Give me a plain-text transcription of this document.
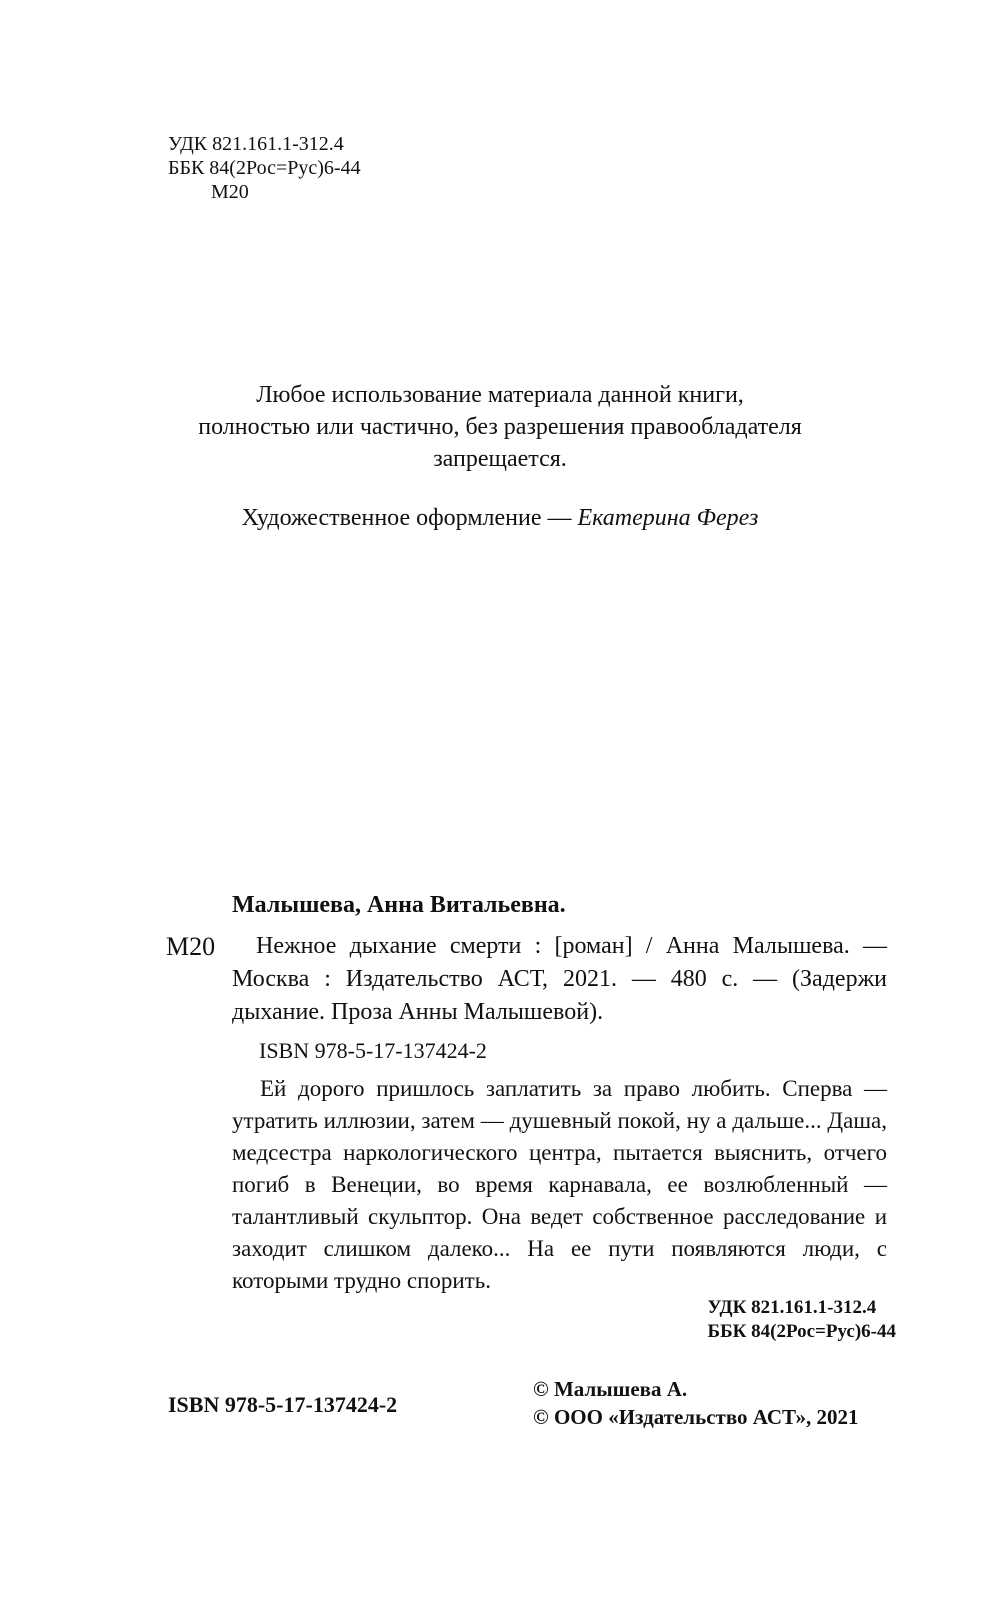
УДК 821.161.1-312.4
ББК 84(2Рос=Рус)6-44
М20
Любое использование материала данной книги,
полностью или частично, без разрешения правообладателя
запрещается.
Художественное оформление — Екатерина Ферез
Малышева, Анна Витальевна.
М20	Нежное дыхание смерти : [роман] / Анна Малышева. — Москва : Издательство АСТ, 2021. — 480 с. — (Задержи дыхание. Проза Анны Малышевой).
ISBN 978-5-17-137424-2
Ей дорого пришлось заплатить за право любить. Сперва — утратить иллюзии, затем — душевный покой, ну а дальше... Даша, медсестра наркологического центра, пытается выяснить, отчего погиб в Венеции, во время карнавала, ее возлюбленный — талантливый скульптор. Она ведет собственное расследование и заходит слишком далеко... На ее пути появляются люди, с которыми трудно спорить.
УДК 821.161.1-312.4
ББК 84(2Рос=Рус)6-44
ISBN 978-5-17-137424-2
© Малышева А.
© ООО «Издательство АСТ», 2021
